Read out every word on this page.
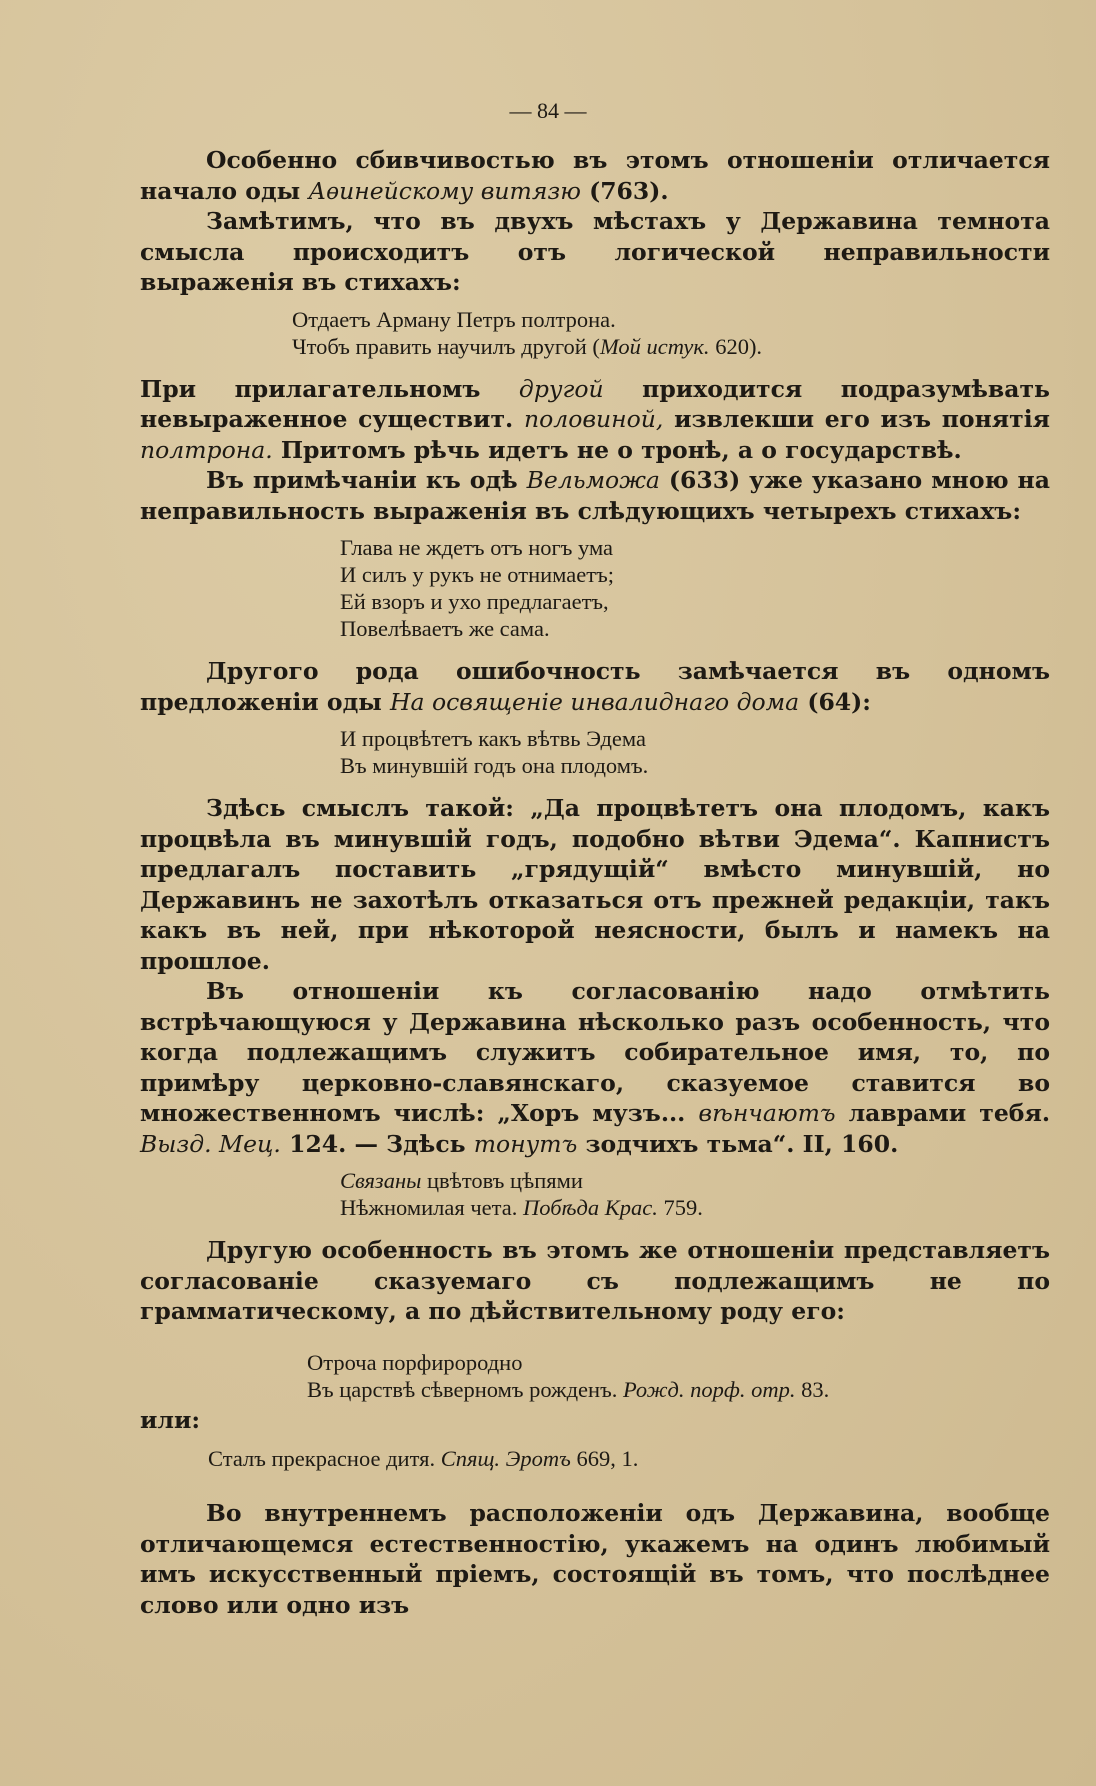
— 84 —

Особенно сбивчивостью въ этомъ отношенiи отличается начало оды Аѳинейскому витязю (763).

Замѣтимъ, что въ двухъ мѣстахъ у Державина темнота смысла происходитъ отъ логической неправильности выраженiя въ стихахъ:

Отдаетъ Арману Петръ полтрона.
Чтобъ править научилъ другой (Мой истук. 620).

При прилагательномъ другой приходится подразумѣвать невыраженное существит. половиной, извлекши его изъ понятiя полтрона. Притомъ рѣчь идетъ не о тронѣ, а о государствѣ.

Въ примѣчанiи къ одѣ Вельможа (633) уже указано мною на неправильность выраженiя въ слѣдующихъ четырехъ стихахъ:

Глава не ждетъ отъ ногъ ума
И силъ у рукъ не отнимаетъ;
Ей взоръ и ухо предлагаетъ,
Повелѣваетъ же сама.

Другого рода ошибочность замѣчается въ одномъ предложенiи оды На освященiе инвалиднаго дома (64):

И процвѣтетъ какъ вѣтвь Эдема
Въ минувшiй годъ она плодомъ.

Здѣсь смыслъ такой: „Да процвѣтетъ она плодомъ, какъ процвѣла въ минувшiй годъ, подобно вѣтви Эдема“. Капнистъ предлагалъ поставить „грядущiй“ вмѣсто минувшiй, но Державинъ не захотѣлъ отказаться отъ прежней редакцiи, такъ какъ въ ней, при нѣкоторой неясности, былъ и намекъ на прошлое.

Въ отношенiи къ согласованiю надо отмѣтить встрѣчающуюся у Державина нѣсколько разъ особенность, что когда подлежащимъ служитъ собирательное имя, то, по примѣру церковно-славянскаго, сказуемое ставится во множественномъ числѣ: „Хоръ музъ... вѣнчаютъ лаврами тебя. Вызд. Мец. 124. — Здѣсь тонутъ зодчихъ тьма“. II, 160.

Связаны цвѣтовъ цѣпями
Нѣжномилая чета. Побѣда Крас. 759.

Другую особенность въ этомъ же отношенiи представляетъ согласованiе сказуемаго съ подлежащимъ не по грамматическому, а по дѣйствительному роду его:

Отроча порфирородно
Въ царствѣ сѣверномъ рожденъ. Рожд. порф. отр. 83.

или:

Сталъ прекрасное дитя. Спящ. Эротъ 669, 1.

Во внутреннемъ расположенiи одъ Державина, вообще отличающемся естественностiю, укажемъ на одинъ любимый имъ искусственный прiемъ, состоящiй въ томъ, что послѣднее слово или одно изъ
